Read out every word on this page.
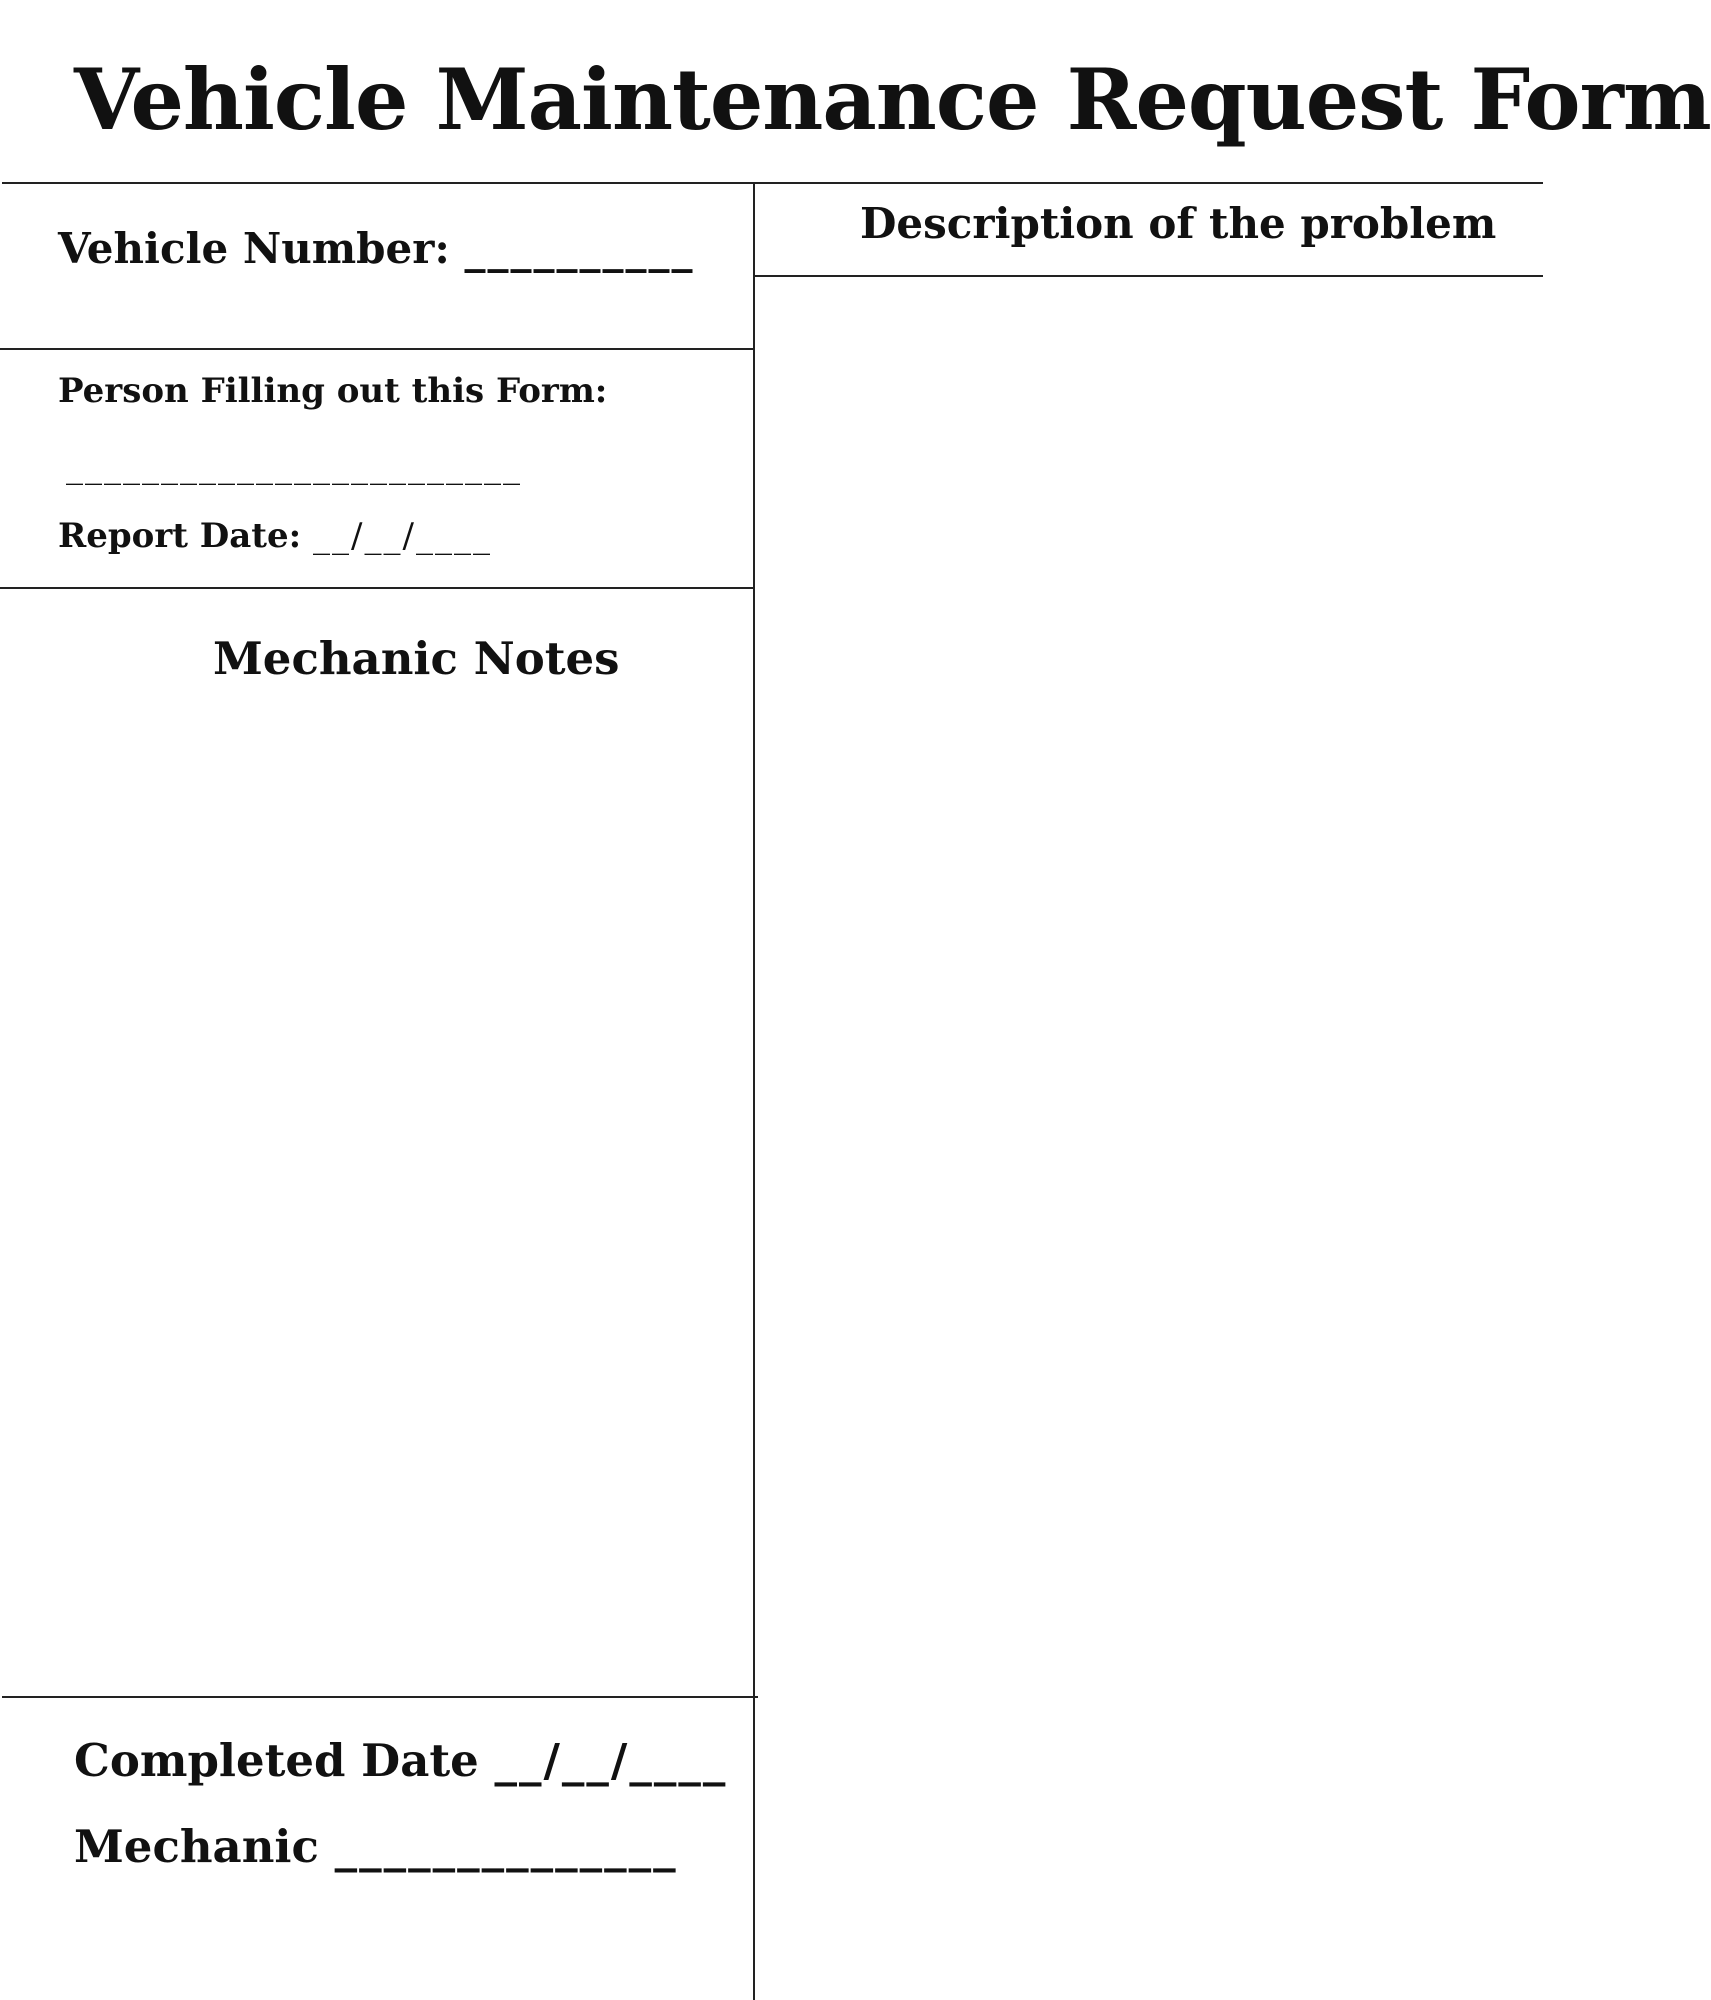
Vehicle Maintenance Request Form
Vehicle Number: __________
Person Filling out this Form:
________________________
Report Date: __/__/____
Mechanic Notes
Completed Date __/__/____
Mechanic ______________
Description of the problem
